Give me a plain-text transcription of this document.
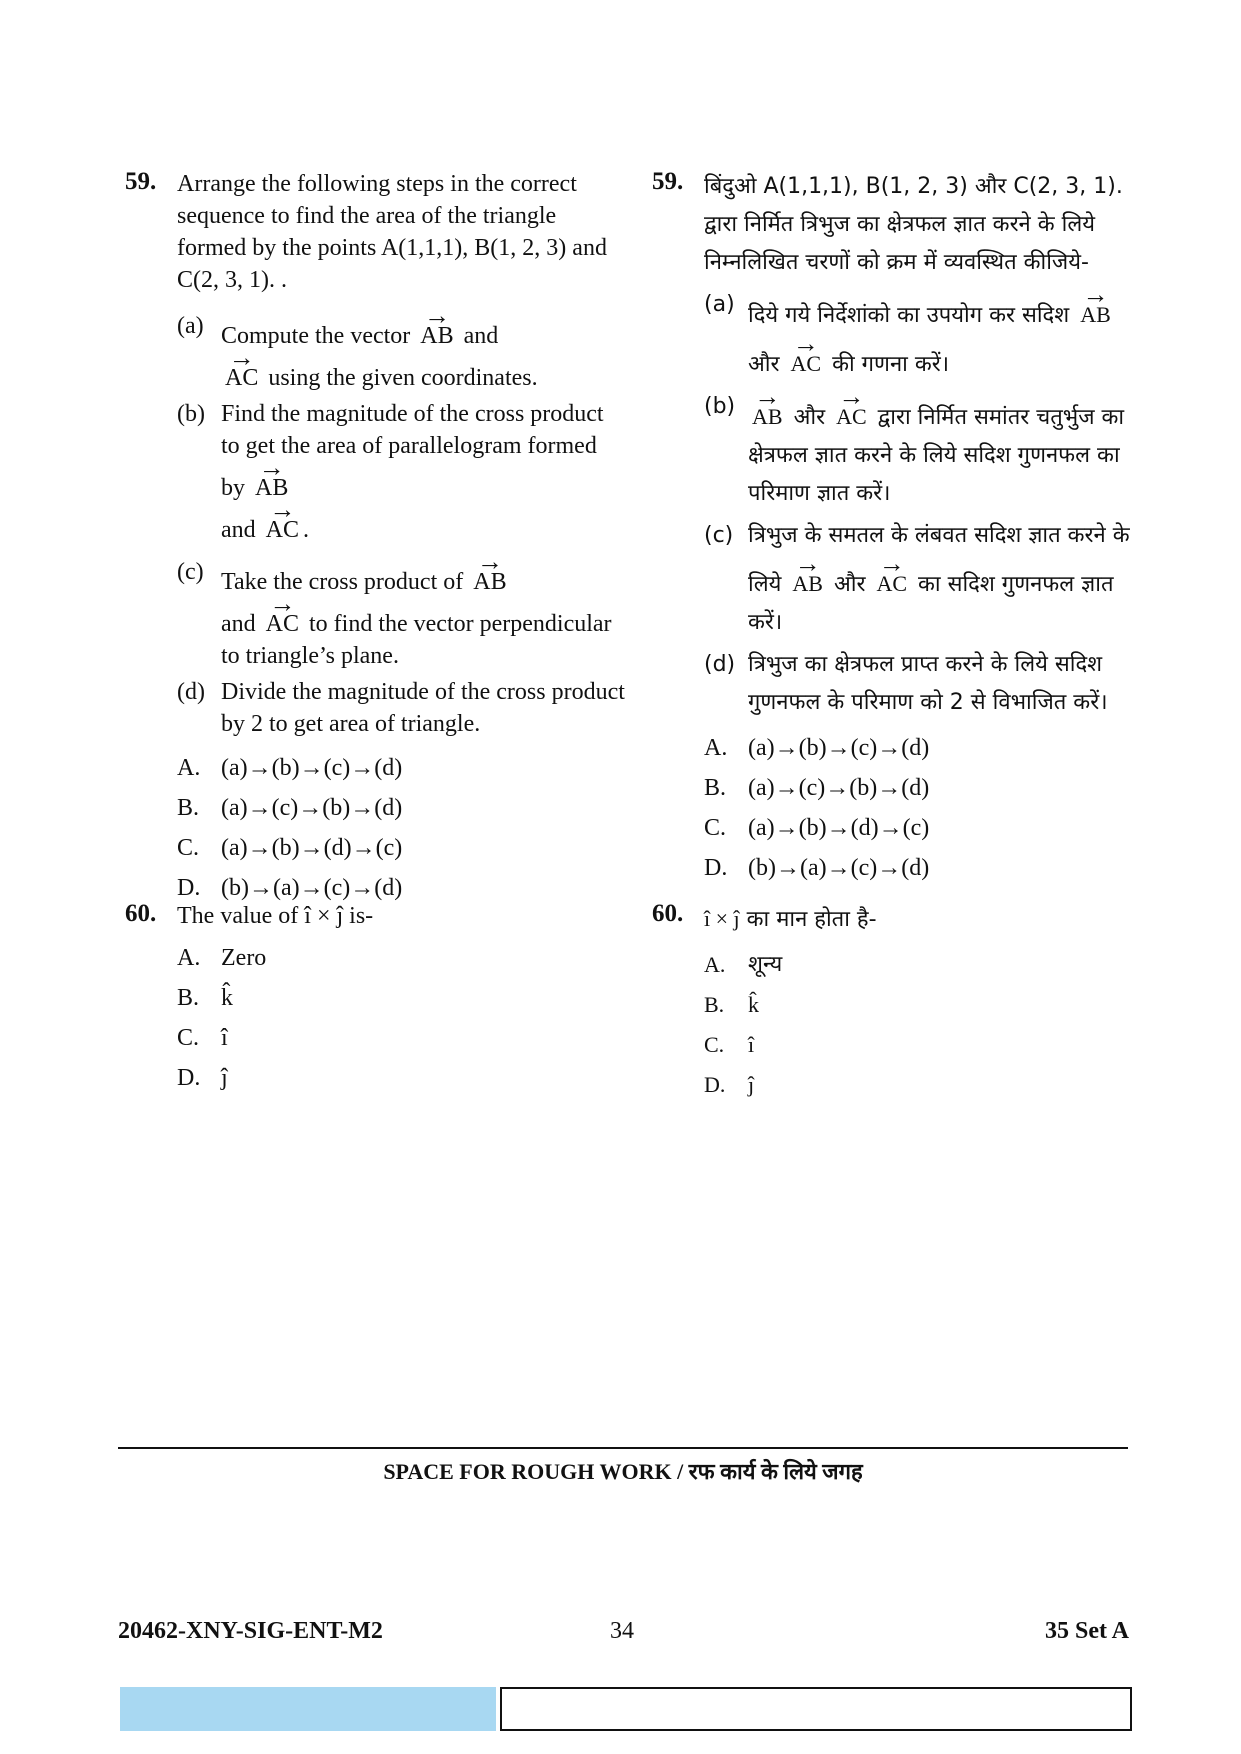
59. Arrange the following steps in the correct sequence to find the area of the triangle formed by the points A(1,1,1), B(1, 2, 3) and C(2, 3, 1). .
(a) Compute the vector → AB and
→ AC using the given coordinates.
(b) Find the magnitude of the cross product to get the area of parallelogram formed by → AB
and → AC .
(c) Take the cross product of → AB
and → AC to find the vector perpendicular to triangle’s plane.
(d) Divide the magnitude of the cross product by 2 to get area of triangle.
A. (a)→(b)→(c)→(d)
B. (a)→(c)→(b)→(d)
C. (a)→(b)→(d)→(c)
D. (b)→(a)→(c)→(d)
60. The value of î × ĵ is-
A. Zero
B. k̂
C. î
D. ĵ
59. बिंदुओ A(1,1,1), B(1, 2, 3) और C(2, 3, 1). द्वारा निर्मित त्रिभुज का क्षेत्रफल ज्ञात करने के लिये निम्नलिखित चरणों को क्रम में व्यवस्थित कीजिये-
(a) दिये गये निर्देशांको का उपयोग कर सदिश → AB और → AC की गणना करें।
(b) → AB और → AC द्वारा निर्मित समांतर चतुर्भुज का क्षेत्रफल ज्ञात करने के लिये सदिश गुणनफल का परिमाण ज्ञात करें।
(c) त्रिभुज के समतल के लंबवत सदिश ज्ञात करने के लिये → AB और → AC का सदिश गुणनफल ज्ञात करें।
(d) त्रिभुज का क्षेत्रफल प्राप्त करने के लिये सदिश गुणनफल के परिमाण को 2 से विभाजित करें।
A. (a)→(b)→(c)→(d)
B. (a)→(c)→(b)→(d)
C. (a)→(b)→(d)→(c)
D. (b)→(a)→(c)→(d)
60. î × ĵ का मान होता है-
A.	शून्य
B.	k̂
C.	î
D.	ĵ
SPACE FOR ROUGH WORK / रफ कार्य के लिये जगह
20462-XNY-SIG-ENT-M2	34	35 Set A
